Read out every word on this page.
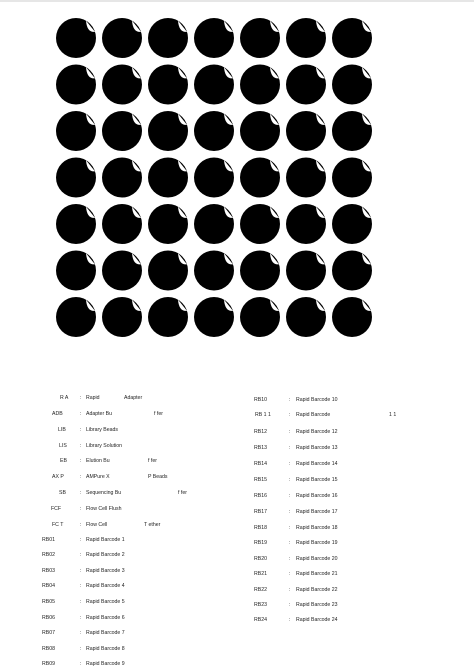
R A : Rapid	Adapter
ADB	: Adapter Bu	f fer
LIB	: Library Beads
LIS	: Library Solution
EB	: Elution Bu	f fer
AX P	: AMPure X	P Beads
SB	: Sequencing Bu	f fer
FCF	: Flow Cell Flush
FC T	: Flow Cell	T ether
RB01	: Rapid Barcode 1
RB02	: Rapid Barcode 2
RB03	: Rapid Barcode 3
RB04	: Rapid Barcode 4
RB05	: Rapid Barcode 5
RB06	: Rapid Barcode 6
RB07	: Rapid Barcode 7
RB08	: Rapid Barcode 8
RB09	: Rapid Barcode 9
RB10	: Rapid Barcode 10
RB 1 1	: Rapid Barcode	1 1
RB12	: Rapid Barcode 12
RB13	: Rapid Barcode 13
RB14	: Rapid Barcode 14
RB15	: Rapid Barcode 15
RB16	: Rapid Barcode 16
RB17	: Rapid Barcode 17
RB18	: Rapid Barcode 18
RB19	: Rapid Barcode 19
RB20	: Rapid Barcode 20
RB21	: Rapid Barcode 21
RB22	: Rapid Barcode 22
RB23	: Rapid Barcode 23
RB24	: Rapid Barcode 24
